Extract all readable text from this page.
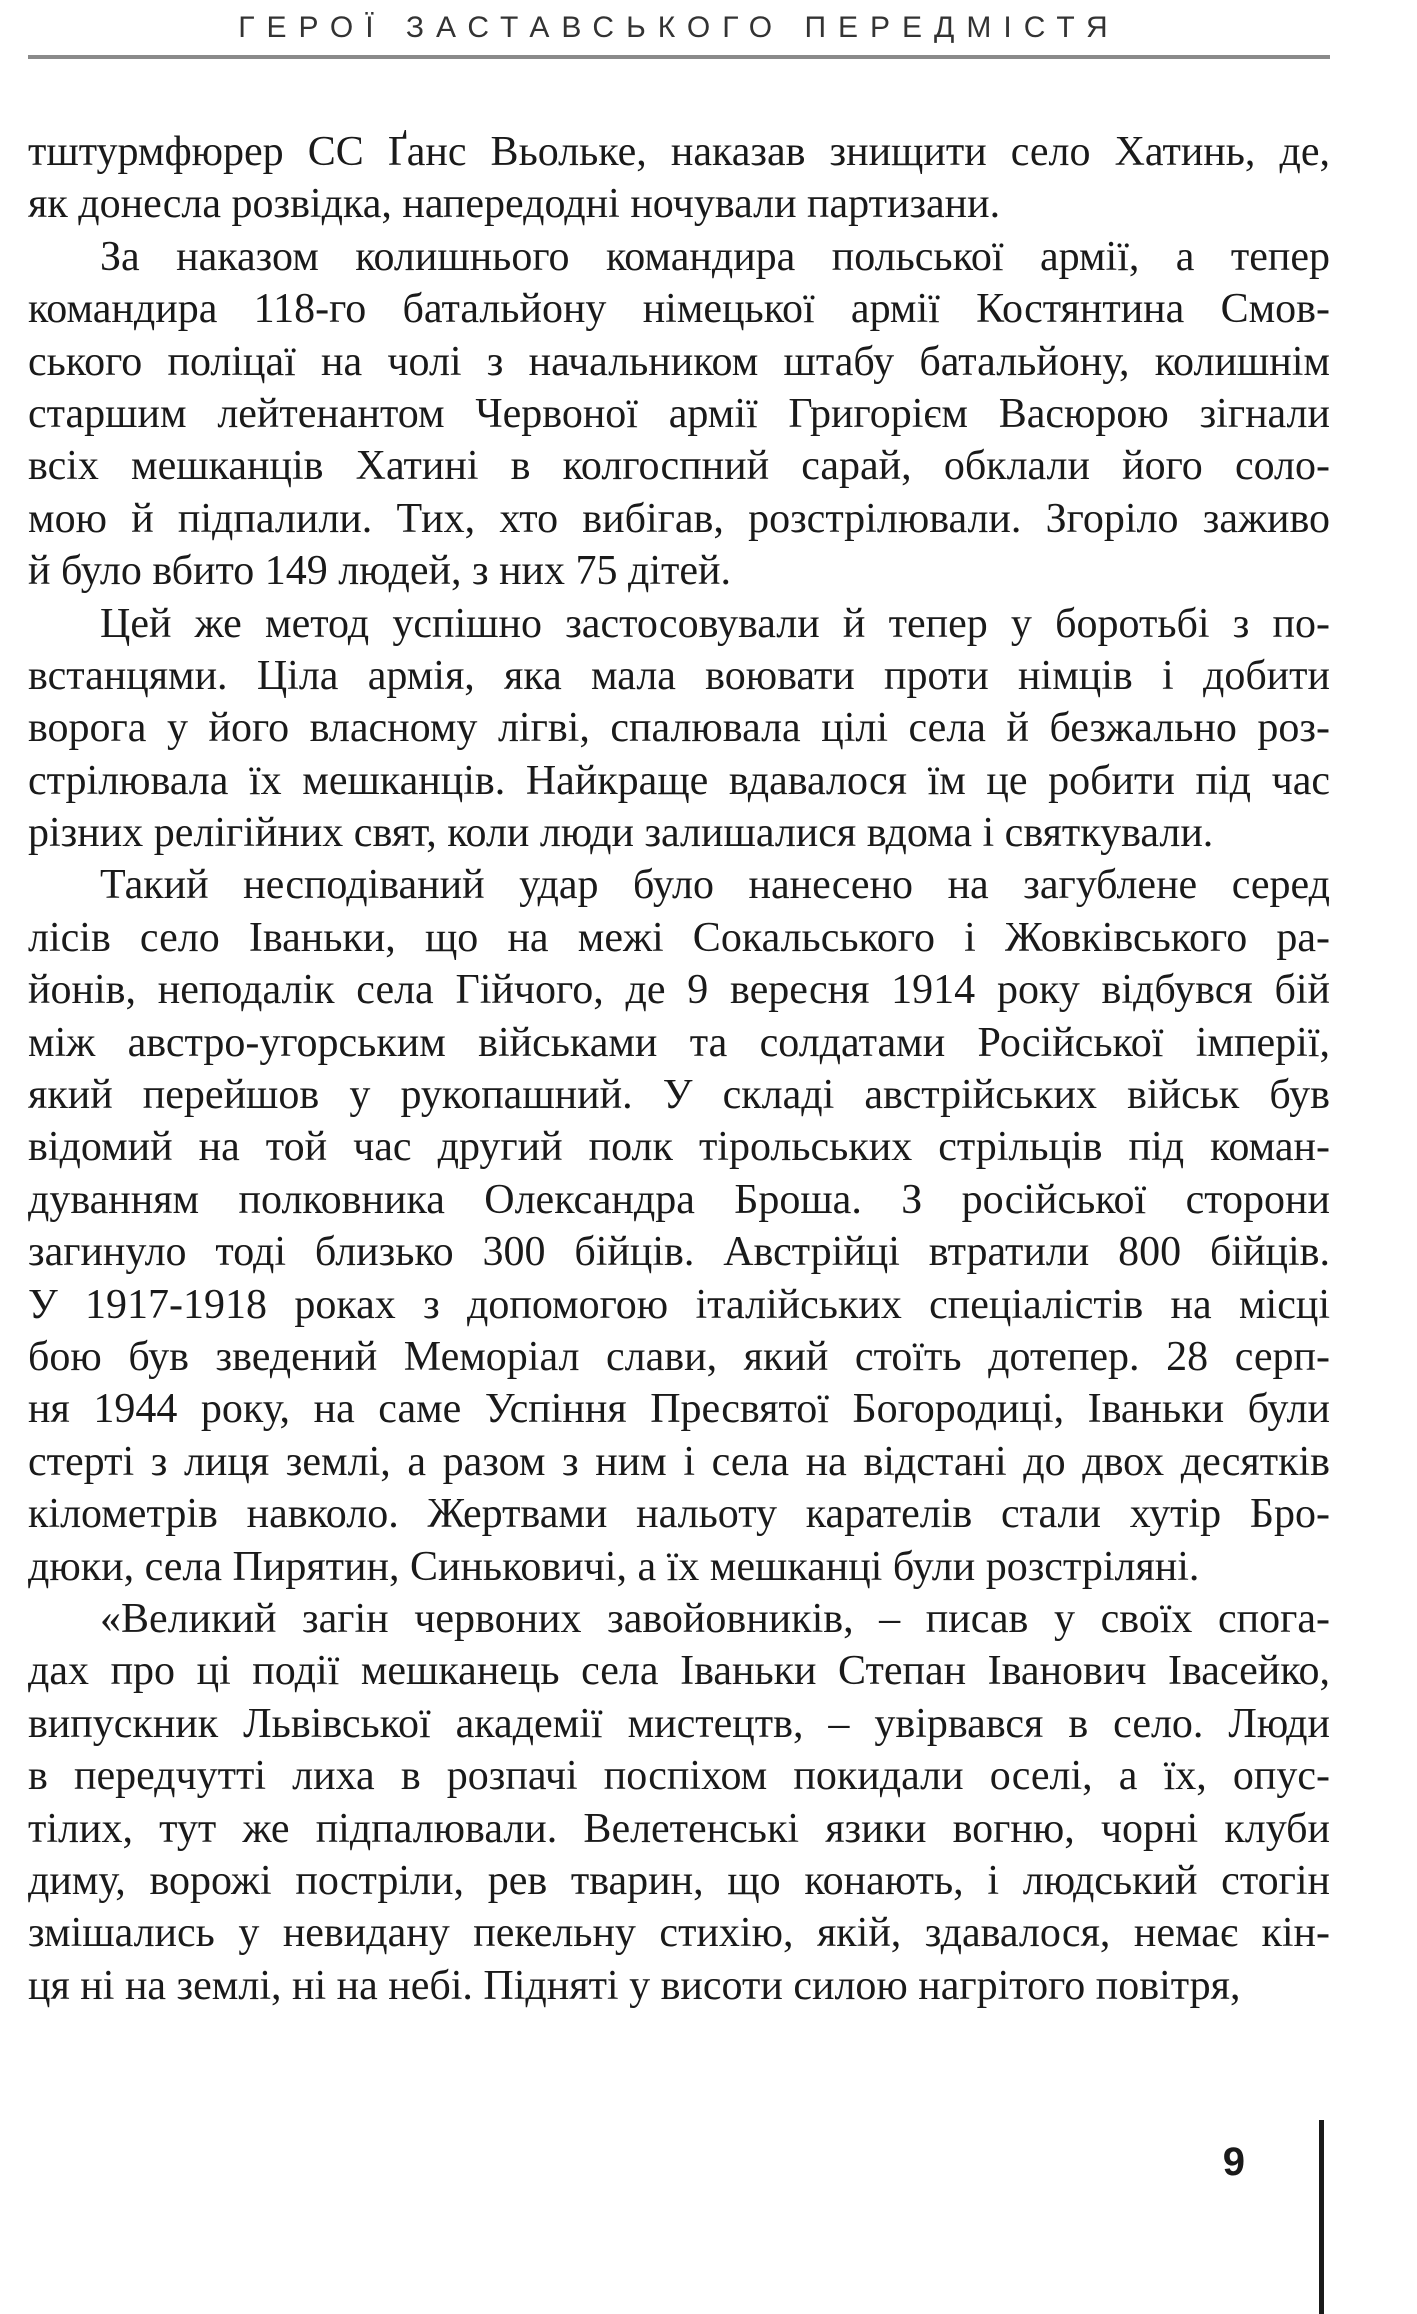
ГЕРОЇ ЗАСТАВСЬКОГО ПЕРЕДМІСТЯ
тштурмфюрер СС Ґанс Вьольке, наказав знищити село Хатинь, де,
як донесла розвідка, напередодні ночували партизани.
За наказом колишнього командира польської армії, а тепер
командира 118-го батальйону німецької армії Костянтина Смов-
ського поліцаї на чолі з начальником штабу батальйону, колишнім
старшим лейтенантом Червоної армії Григорієм Васюрою зігнали
всіх мешканців Хатині в колгоспний сарай, обклали його соло-
мою й підпалили. Тих, хто вибігав, розстрілювали. Згоріло заживо
й було вбито 149 людей, з них 75 дітей.
Цей же метод успішно застосовували й тепер у боротьбі з по-
встанцями. Ціла армія, яка мала воювати проти німців і добити
ворога у його власному лігві, спалювала цілі села й безжально роз-
стрілювала їх мешканців. Найкраще вдавалося їм це робити під час
різних релігійних свят, коли люди залишалися вдома і святкували.
Такий несподіваний удар було нанесено на загублене серед
лісів село Іваньки, що на межі Сокальського і Жовківського ра-
йонів, неподалік села Гійчого, де 9 вересня 1914 року відбувся бій
між австро-угорським військами та солдатами Російської імперії,
який перейшов у рукопашний. У складі австрійських військ був
відомий на той час другий полк тірольських стрільців під коман-
дуванням полковника Олександра Броша. З російської сторони
загинуло тоді близько 300 бійців. Австрійці втратили 800 бійців.
У 1917-1918 роках з допомогою італійських спеціалістів на місці
бою був зведений Меморіал слави, який стоїть дотепер. 28 серп-
ня 1944 року, на саме Успіння Пресвятої Богородиці, Іваньки були
стерті з лиця землі, а разом з ним і села на відстані до двох десятків
кілометрів навколо. Жертвами нальоту карателів стали хутір Бро-
дюки, села Пирятин, Синьковичі, а їх мешканці були розстріляні.
«Великий загін червоних завойовників, – писав у своїх спога-
дах про ці події мешканець села Іваньки Степан Іванович Івасейко,
випускник Львівської академії мистецтв, – увірвався в село. Люди
в передчутті лиха в розпачі поспіхом покидали оселі, а їх, опус-
тілих, тут же підпалювали. Велетенські язики вогню, чорні клуби
диму, ворожі постріли, рев тварин, що конають, і людський стогін
змішались у невидану пекельну стихію, якій, здавалося, немає кін-
ця ні на землі, ні на небі. Підняті у висоти силою нагрітого повітря,
9
